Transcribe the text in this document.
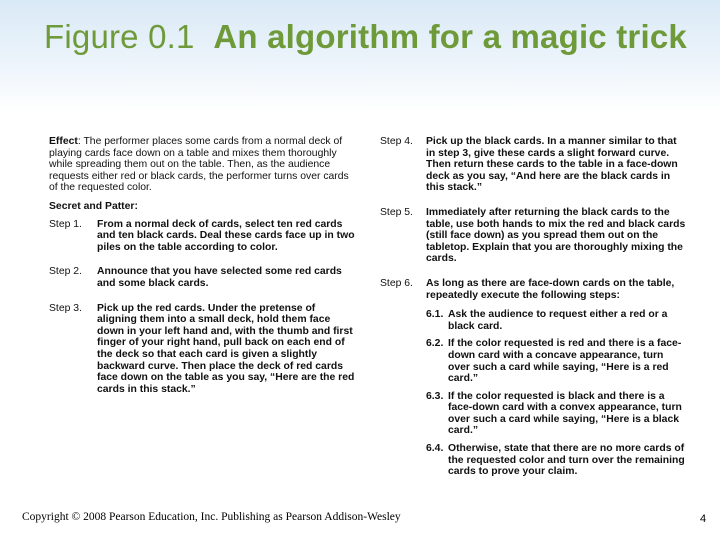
Figure 0.1 An algorithm for a magic trick
Effect: The performer places some cards from a normal deck of playing cards face down on a table and mixes them thoroughly while spreading them out on the table. Then, as the audience requests either red or black cards, the performer turns over cards of the requested color.
Secret and Patter:
Step 1.	From a normal deck of cards, select ten red cards and ten black cards. Deal these cards face up in two piles on the table according to color.
Step 2.	Announce that you have selected some red cards and some black cards.
Step 3.	Pick up the red cards. Under the pretense of aligning them into a small deck, hold them face down in your left hand and, with the thumb and first finger of your right hand, pull back on each end of the deck so that each card is given a slightly backward curve. Then place the deck of red cards face down on the table as you say, “Here are the red cards in this stack.”
Step 4.	Pick up the black cards. In a manner similar to that in step 3, give these cards a slight forward curve. Then return these cards to the table in a face-down deck as you say, “And here are the black cards in this stack.”
Step 5.	Immediately after returning the black cards to the table, use both hands to mix the red and black cards (still face down) as you spread them out on the tabletop. Explain that you are thoroughly mixing the cards.
Step 6.	As long as there are face-down cards on the table, repeatedly execute the following steps:
6.1. Ask the audience to request either a red or a black card.
6.2. If the color requested is red and there is a face-down card with a concave appearance, turn over such a card while saying, “Here is a red card.”
6.3. If the color requested is black and there is a face-down card with a convex appearance, turn over such a card while saying, “Here is a black card.”
6.4. Otherwise, state that there are no more cards of the requested color and turn over the remaining cards to prove your claim.
Copyright © 2008 Pearson Education, Inc. Publishing as Pearson Addison-Wesley	4
